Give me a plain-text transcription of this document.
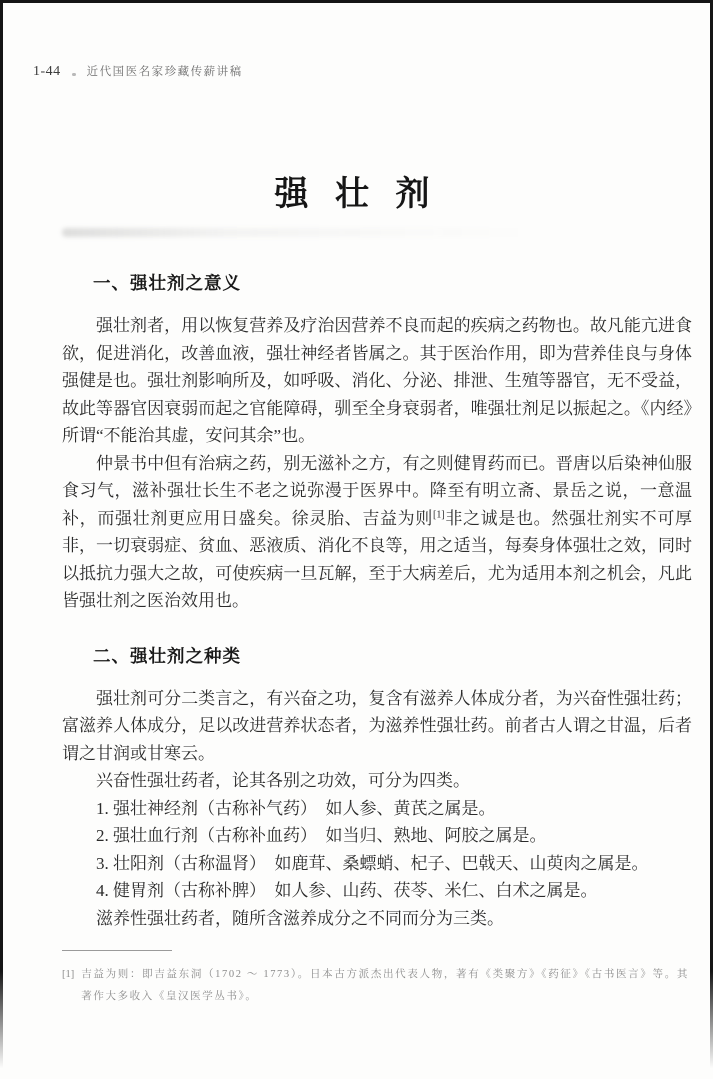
1-44 近代国医名家珍藏传薪讲稿
强 壮 剂
一、强壮剂之意义

强壮剂者，用以恢复营养及疗治因营养不良而起的疾病之药物也。故凡能亢进食欲，促进消化，改善血液，强壮神经者皆属之。其于医治作用，即为营养佳良与身体强健是也。强壮剂影响所及，如呼吸、消化、分泌、排泄、生殖等器官，无不受益，故此等器官因衰弱而起之官能障碍，驯至全身衰弱者，唯强壮剂足以振起之。《内经》所谓“不能治其虚，安问其余”也。

仲景书中但有治病之药，别无滋补之方，有之则健胃药而已。晋唐以后染神仙服食习气，滋补强壮长生不老之说弥漫于医界中。降至有明立斋、景岳之说，一意温补，而强壮剂更应用日盛矣。徐灵胎、吉益为则[1]非之诚是也。然强壮剂实不可厚非，一切衰弱症、贫血、恶液质、消化不良等，用之适当，每奏身体强壮之效，同时以抵抗力强大之故，可使疾病一旦瓦解，至于大病差后，尤为适用本剂之机会，凡此皆强壮剂之医治效用也。

二、强壮剂之种类

强壮剂可分二类言之，有兴奋之功，复含有滋养人体成分者，为兴奋性强壮药；富滋养人体成分，足以改进营养状态者，为滋养性强壮药。前者古人谓之甘温，后者谓之甘润或甘寒云。

兴奋性强壮药者，论其各别之功效，可分为四类。

1. 强壮神经剂（古称补气药）　如人参、黄芪之属是。

2. 强壮血行剂（古称补血药）　如当归、熟地、阿胶之属是。

3. 壮阳剂（古称温肾）　如鹿茸、桑螵蛸、杞子、巴戟天、山萸肉之属是。

4. 健胃剂（古称补脾）　如人参、山药、茯苓、米仁、白术之属是。

滋养性强壮药者，随所含滋养成分之不同而分为三类。

[1] 吉益为则：即吉益东洞（1702 ～ 1773）。日本古方派杰出代表人物，著有《类聚方》《药征》《古书医言》等。其著作大多收入《皇汉医学丛书》。
